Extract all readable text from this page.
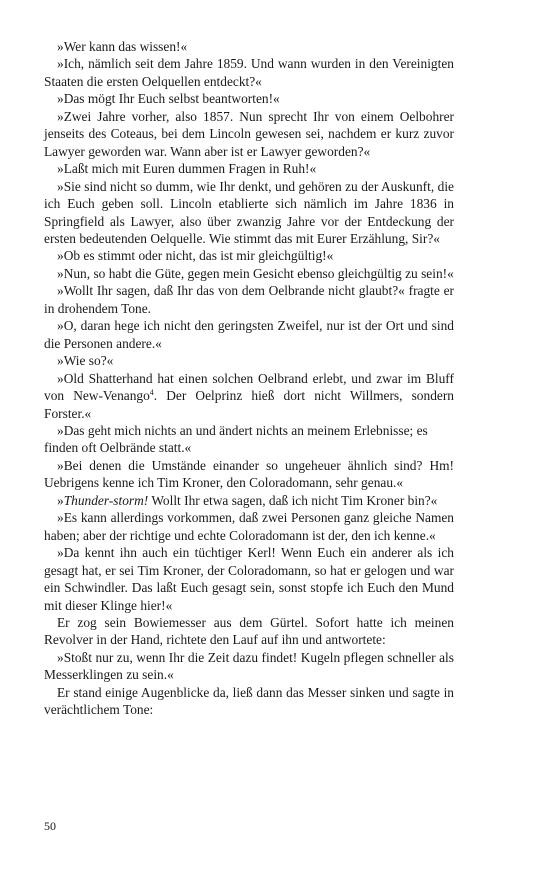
»Wer kann das wissen!«

»Ich, nämlich seit dem Jahre 1859. Und wann wurden in den Vereinigten Staaten die ersten Oelquellen entdeckt?«

»Das mögt Ihr Euch selbst beantworten!«

»Zwei Jahre vorher, also 1857. Nun sprecht Ihr von einem Oelbohrer jenseits des Coteaus, bei dem Lincoln gewesen sei, nachdem er kurz zuvor Lawyer geworden war. Wann aber ist er Lawyer geworden?«

»Laßt mich mit Euren dummen Fragen in Ruh!«

»Sie sind nicht so dumm, wie Ihr denkt, und gehören zu der Auskunft, die ich Euch geben soll. Lincoln etablierte sich nämlich im Jahre 1836 in Springfield als Lawyer, also über zwanzig Jahre vor der Entdeckung der ersten bedeutenden Oelquelle. Wie stimmt das mit Eurer Erzählung, Sir?«

»Ob es stimmt oder nicht, das ist mir gleichgültig!«

»Nun, so habt die Güte, gegen mein Gesicht ebenso gleichgültig zu sein!«

»Wollt Ihr sagen, daß Ihr das von dem Oelbrande nicht glaubt?« fragte er in drohendem Tone.

»O, daran hege ich nicht den geringsten Zweifel, nur ist der Ort und sind die Personen andere.«

»Wie so?«

»Old Shatterhand hat einen solchen Oelbrand erlebt, und zwar im Bluff von New-Venango$^4$. Der Oelprinz hieß dort nicht Willmers, sondern Forster.«

»Das geht mich nichts an und ändert nichts an meinem Erlebnisse; es finden oft Oelbrände statt.«

»Bei denen die Umstände einander so ungeheuer ähnlich sind? Hm! Uebrigens kenne ich Tim Kroner, den Coloradomann, sehr genau.«

»Thunder-storm! Wollt Ihr etwa sagen, daß ich nicht Tim Kroner bin?«

»Es kann allerdings vorkommen, daß zwei Personen ganz gleiche Namen haben; aber der richtige und echte Coloradomann ist der, den ich kenne.«

»Da kennt ihn auch ein tüchtiger Kerl! Wenn Euch ein anderer als ich gesagt hat, er sei Tim Kroner, der Coloradomann, so hat er gelogen und war ein Schwindler. Das laßt Euch gesagt sein, sonst stopfe ich Euch den Mund mit dieser Klinge hier!«

Er zog sein Bowiemesser aus dem Gürtel. Sofort hatte ich meinen Revolver in der Hand, richtete den Lauf auf ihn und antwortete:

»Stoßt nur zu, wenn Ihr die Zeit dazu findet! Kugeln pflegen schneller als Messerklingen zu sein.«

Er stand einige Augenblicke da, ließ dann das Messer sinken und sagte in verächtlichem Tone:

50
